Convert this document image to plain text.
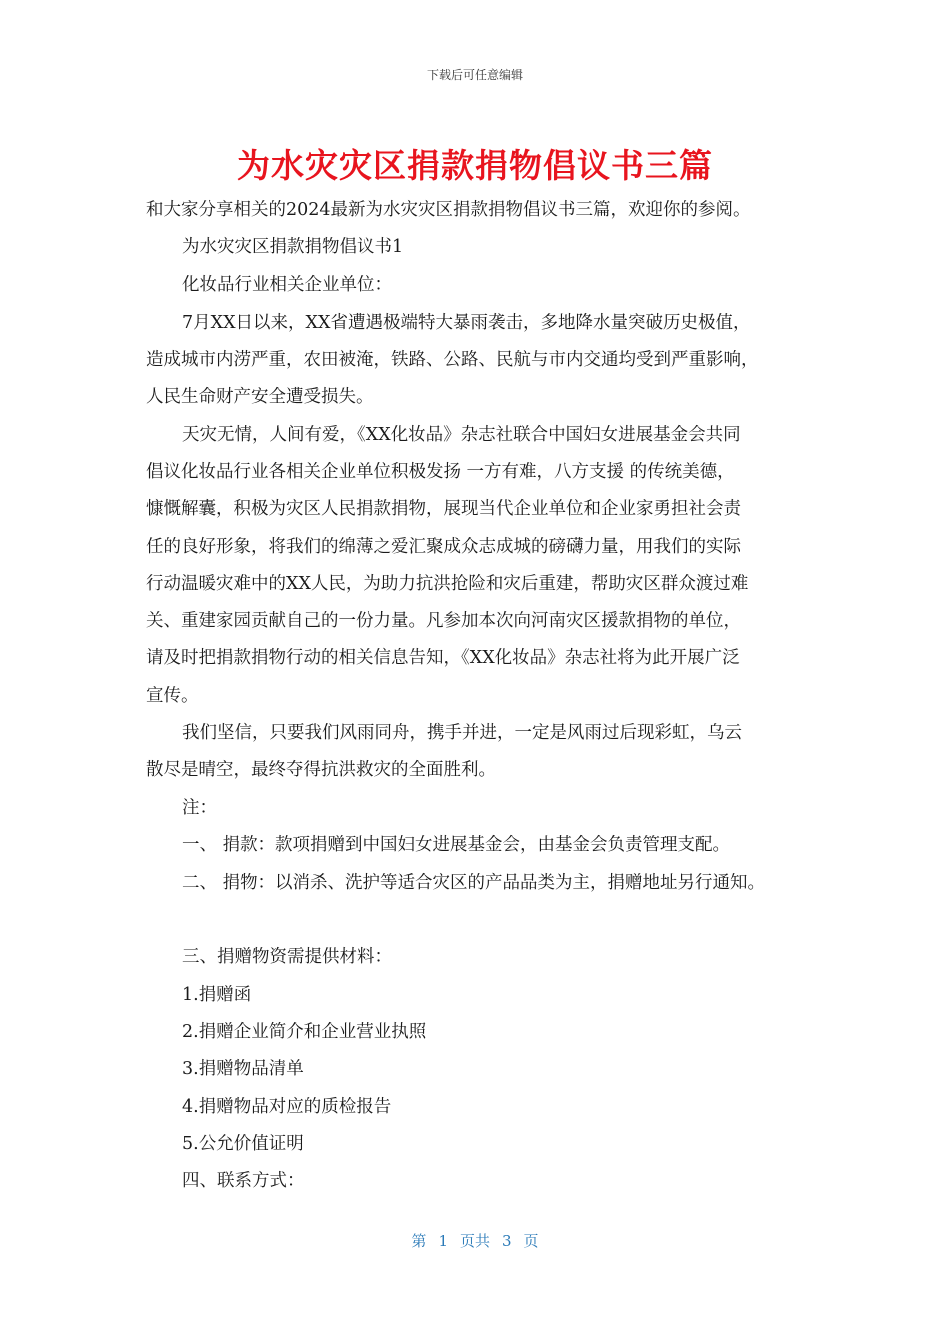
下载后可任意编辑
为水灾灾区捐款捐物倡议书三篇
和大家分享相关的2024最新为水灾灾区捐款捐物倡议书三篇，欢迎你的参阅。
为水灾灾区捐款捐物倡议书1
化妆品行业相关企业单位：
7月XX日以来，XX省遭遇极端特大暴雨袭击，多地降水量突破历史极值，
造成城市内涝严重，农田被淹，铁路、公路、民航与市内交通均受到严重影响，
人民生命财产安全遭受损失。
天灾无情，人间有爱，《XX化妆品》杂志社联合中国妇女进展基金会共同
倡议化妆品行业各相关企业单位积极发扬 一方有难，八方支援 的传统美德，
慷慨解囊，积极为灾区人民捐款捐物，展现当代企业单位和企业家勇担社会责
任的良好形象，将我们的绵薄之爱汇聚成众志成城的磅礴力量，用我们的实际
行动温暖灾难中的XX人民，为助力抗洪抢险和灾后重建，帮助灾区群众渡过难
关、重建家园贡献自己的一份力量。凡参加本次向河南灾区援款捐物的单位，
请及时把捐款捐物行动的相关信息告知，《XX化妆品》杂志社将为此开展广泛
宣传。
我们坚信，只要我们风雨同舟，携手并进，一定是风雨过后现彩虹，乌云
散尽是晴空，最终夺得抗洪救灾的全面胜利。
注：
一、 捐款：款项捐赠到中国妇女进展基金会，由基金会负责管理支配。
二、 捐物：以消杀、洗护等适合灾区的产品品类为主，捐赠地址另行通知。
三、捐赠物资需提供材料：
1.捐赠函
2.捐赠企业简介和企业营业执照
3.捐赠物品清单
4.捐赠物品对应的质检报告
5.公允价值证明
四、联系方式：
第 1 页共 3 页
